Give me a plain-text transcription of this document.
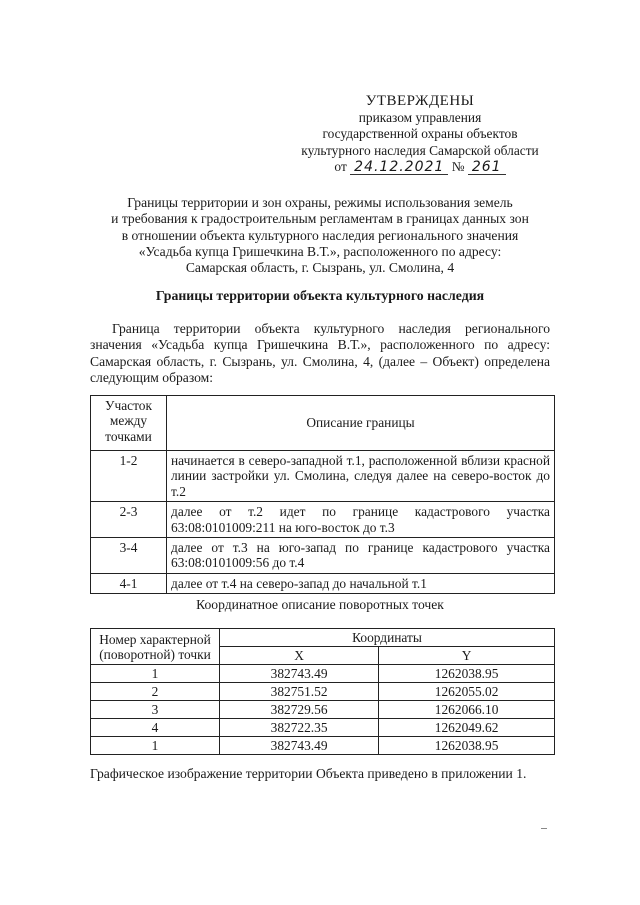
УТВЕРЖДЕНЫ
приказом управления
государственной охраны объектов
культурного наследия Самарской области
от 24.12.2021 № 261
Границы территории и зон охраны, режимы использования земель
и требования к градостроительным регламентам в границах данных зон
в отношении объекта культурного наследия регионального значения
«Усадьба купца Гришечкина В.Т.», расположенного по адресу:
Самарская область, г. Сызрань, ул. Смолина, 4
Границы территории объекта культурного наследия
Граница территории объекта культурного наследия регионального значения «Усадьба купца Гришечкина В.Т.», расположенного по адресу: Самарская область, г. Сызрань, ул. Смолина, 4, (далее – Объект) определена следующим образом:
Участок между точками	Описание границы
1-2	начинается в северо-западной т.1, расположенной вблизи красной линии застройки ул. Смолина, следуя далее на северо-восток до т.2
2-3	далее от т.2 идет по границе кадастрового участка 63:08:0101009:211 на юго-восток до т.3
3-4	далее от т.3 на юго-запад по границе кадастрового участка 63:08:0101009:56 до т.4
4-1	далее от т.4 на северо-запад до начальной т.1
Координатное описание поворотных точек
Номер характерной (поворотной) точки	Координаты	
	X	Y
1	382743.49	1262038.95
2	382751.52	1262055.02
3	382729.56	1262066.10
4	382722.35	1262049.62
1	382743.49	1262038.95
Графическое изображение территории Объекта приведено в приложении 1.
